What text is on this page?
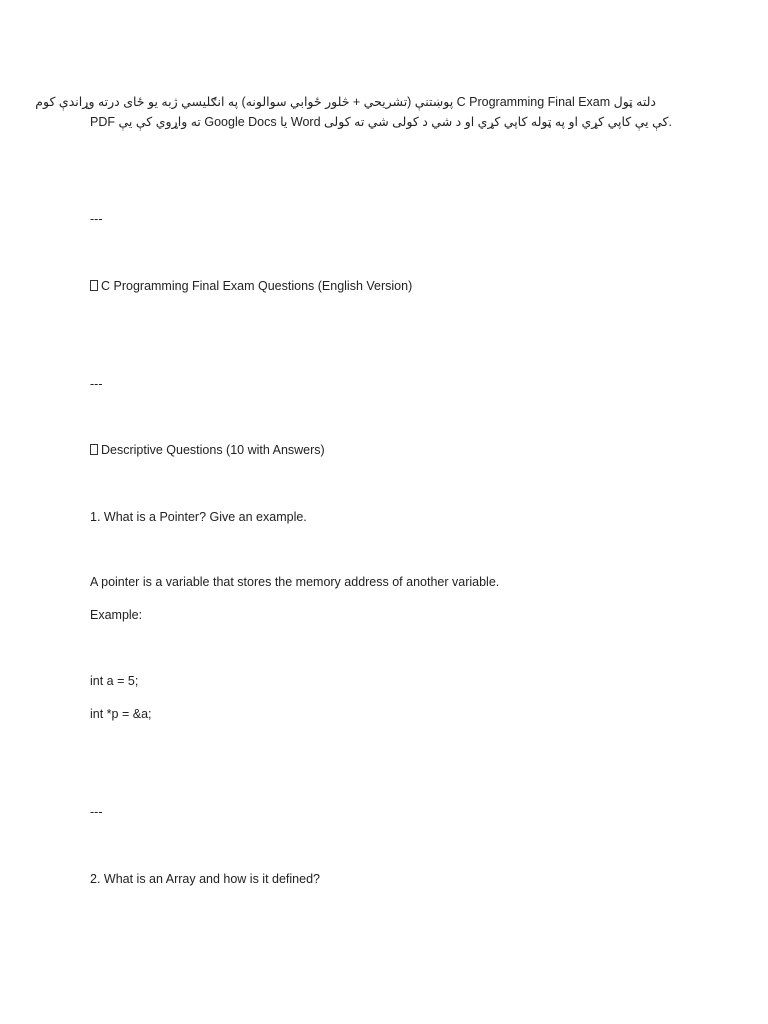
دلته ټول C Programming Final Exam پوښتنې (تشریحي + څلور ځوابي سوالونه) په انګلیسي ژبه یو ځای درته وړاندې کوم
PDF ته واړوي کې یې Google Docs یا Word کې یې کاپي کړي او په ټوله کاپي کړي او د شي د کولی شي ته کولی.
---
C Programming Final Exam Questions (English Version)
---
Descriptive Questions (10 with Answers)
1. What is a Pointer? Give an example.
A pointer is a variable that stores the memory address of another variable.
Example:
int a = 5;
int *p = &a;
---
2. What is an Array and how is it defined?
